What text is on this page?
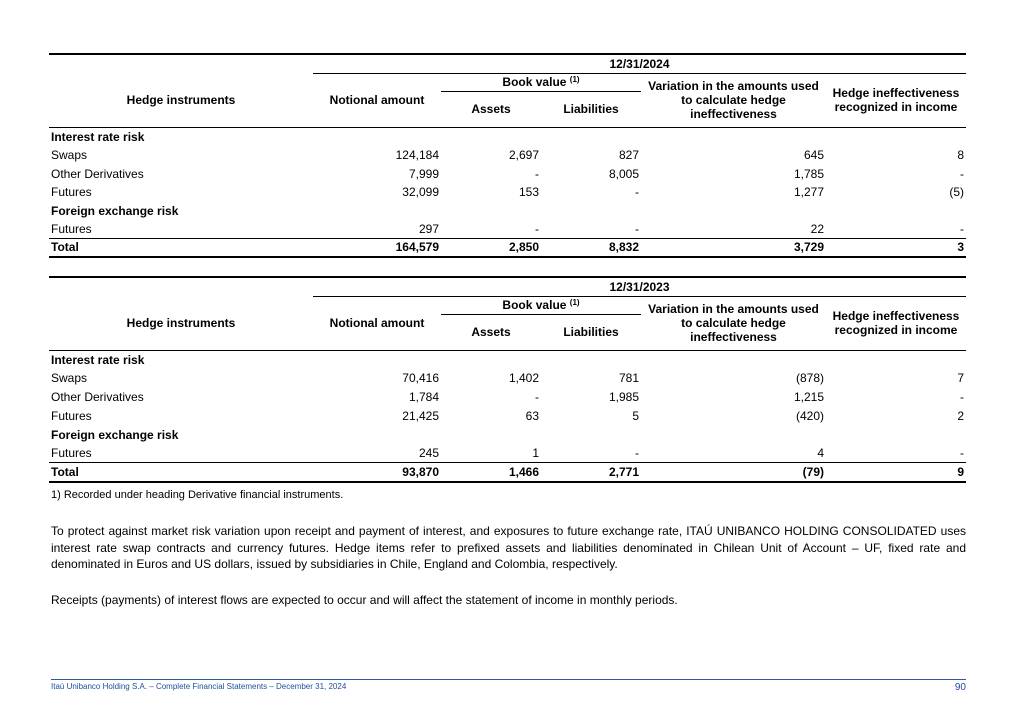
	12/31/2024				
Hedge instruments	Notional amount	Book value $^{(1)}$		Variation in the amounts used to calculate hedge ineffectiveness	Hedge ineffectiveness recognized in income
		Assets	Liabilities		

Interest rate risk					
Swaps	124,184	2,697	827	645	8
Other Derivatives	7,999	-	8,005	1,785	-
Futures	32,099	153	-	1,277	(5)
Foreign exchange risk					
Futures	297	-	-	22	-
Total	164,579	2,850	8,832	3,729	3
	12/31/2023				
Hedge instruments	Notional amount	Book value $^{(1)}$		Variation in the amounts used to calculate hedge ineffectiveness	Hedge ineffectiveness recognized in income
		Assets	Liabilities		

Interest rate risk					
Swaps	70,416	1,402	781	(878)	7
Other Derivatives	1,784	-	1,985	1,215	-
Futures	21,425	63	5	(420)	2
Foreign exchange risk					
Futures	245	1	-	4	-
Total	93,870	1,466	2,771	(79)	9
1) Recorded under heading Derivative financial instruments.
To protect against market risk variation upon receipt and payment of interest, and exposures to future exchange rate, ITAÚ UNIBANCO HOLDING CONSOLIDATED uses interest rate swap contracts and currency futures. Hedge items refer to prefixed assets and liabilities denominated in Chilean Unit of Account – UF, fixed rate and denominated in Euros and US dollars, issued by subsidiaries in Chile, England and Colombia, respectively.
Receipts (payments) of interest flows are expected to occur and will affect the statement of income in monthly periods.
Itaú Unibanco Holding S.A. – Complete Financial Statements – December 31, 2024	90
